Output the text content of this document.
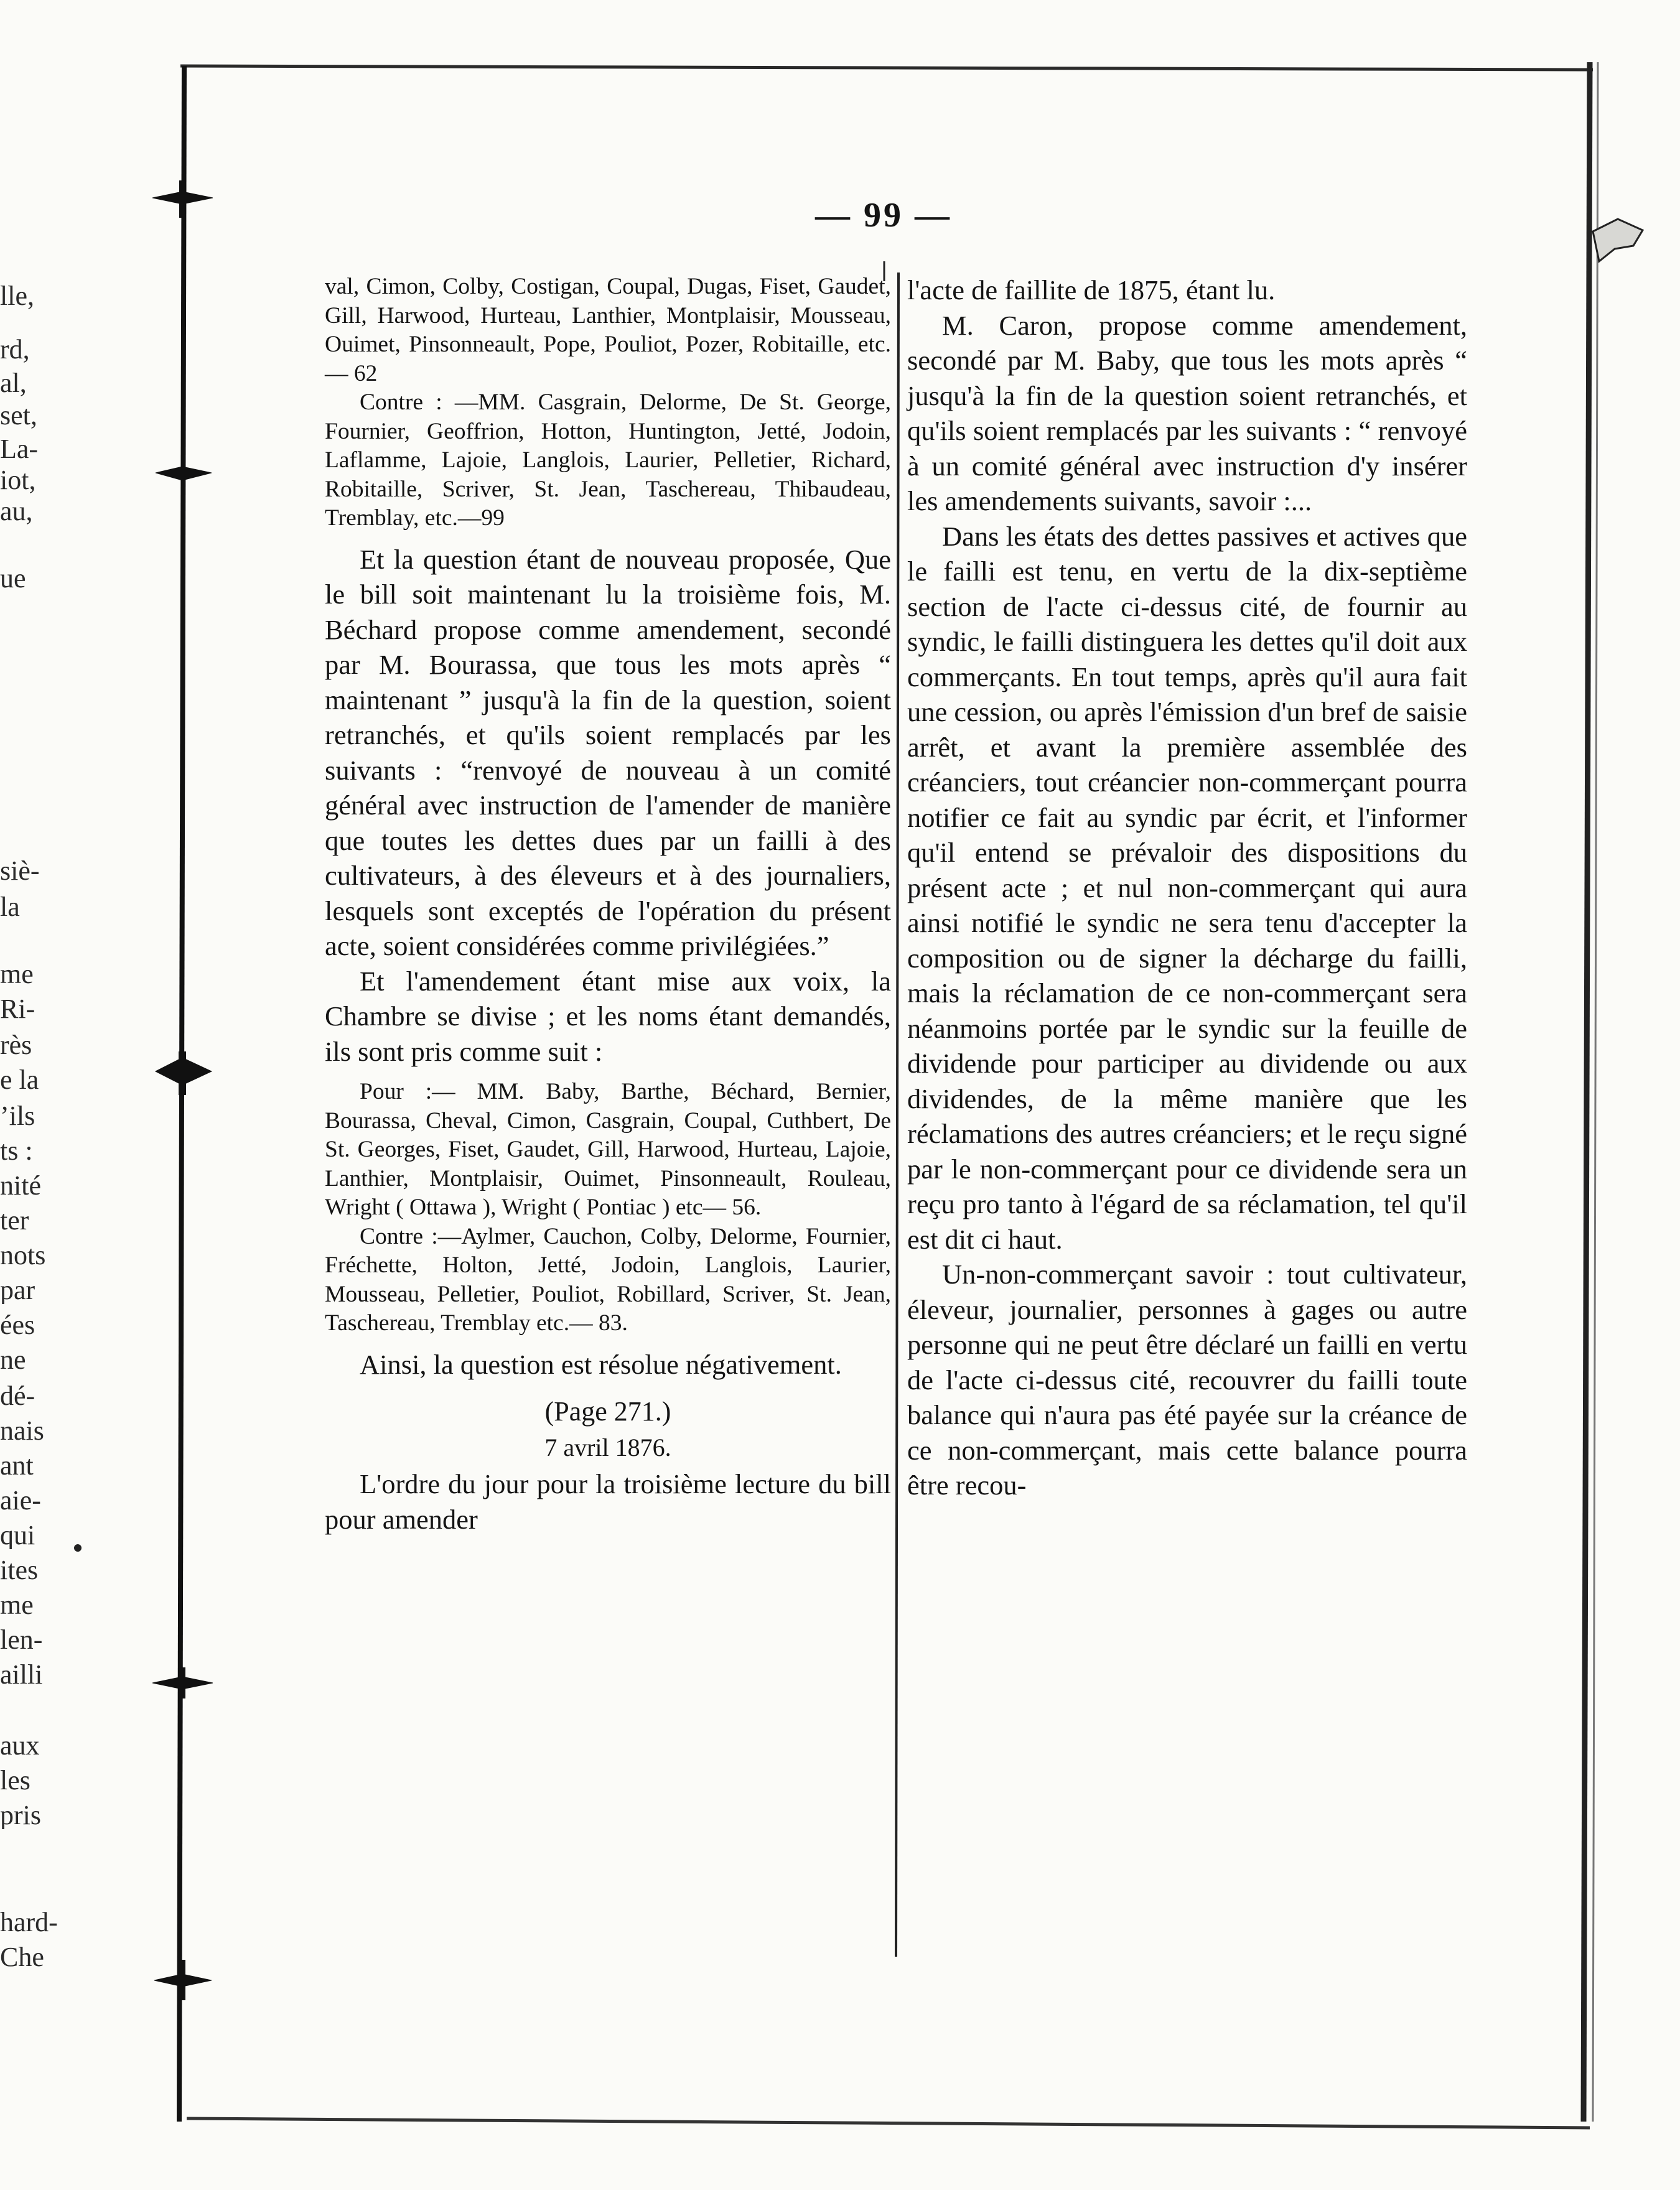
lle,
rd,
al,
set,
La-
iot,
au,
ue
siè-
la
me
Ri-
rès
e la
’ils
ts :
nité
ter
nots
par
ées
ne
dé-
nais
ant
aie-
qui
ites
me
len-
ailli
aux
les
pris
hard-
Che
— 99 —

val, Cimon, Colby, Costigan, Coupal, Dugas, Fiset, Gaudet, Gill, Harwood, Hurteau, Lanthier, Montplaisir, Mousseau, Ouimet, Pinsonneault, Pope, Pouliot, Pozer, Robitaille, etc. — 62

Contre : —MM. Casgrain, Delorme, De St. George, Fournier, Geoffrion, Hotton, Huntington, Jetté, Jodoin, Laflamme, Lajoie, Langlois, Laurier, Pelletier, Richard, Robitaille, Scriver, St. Jean, Taschereau, Thibaudeau, Tremblay, etc.—99

Et la question étant de nouveau proposée, Que le bill soit maintenant lu la troisième fois, M. Béchard propose comme amendement, secondé par M. Bourassa, que tous les mots après “ maintenant ” jusqu'à la fin de la question, soient retranchés, et qu'ils soient remplacés par les suivants : “renvoyé de nouveau à un comité général avec instruction de l'amender de manière que toutes les dettes dues par un failli à des cultivateurs, à des éleveurs et à des journaliers, lesquels sont exceptés de l'opération du présent acte, soient considérées comme privilégiées.”

Et l'amendement étant mise aux voix, la Chambre se divise ; et les noms étant demandés, ils sont pris comme suit :

Pour :— MM. Baby, Barthe, Béchard, Bernier, Bourassa, Cheval, Cimon, Casgrain, Coupal, Cuthbert, De St. Georges, Fiset, Gaudet, Gill, Harwood, Hurteau, Lajoie, Lanthier, Montplaisir, Ouimet, Pinsonneault, Rouleau, Wright ( Ottawa ), Wright ( Pontiac ) etc— 56.

Contre :—Aylmer, Cauchon, Colby, Delorme, Fournier, Fréchette, Holton, Jetté, Jodoin, Langlois, Laurier, Mousseau, Pelletier, Pouliot, Robillard, Scriver, St. Jean, Taschereau, Tremblay etc.— 83.

Ainsi, la question est résolue négativement.

(Page 271.)

7 avril 1876.

L'ordre du jour pour la troisième lecture du bill pour amender

l'acte de faillite de 1875, étant lu.

M. Caron, propose comme amendement, secondé par M. Baby, que tous les mots après “ jusqu'à la fin de la question soient retranchés, et qu'ils soient remplacés par les suivants : “ renvoyé à un comité général avec instruction d'y insérer les amendements suivants, savoir :...

Dans les états des dettes passives et actives que le failli est tenu, en vertu de la dix-septième section de l'acte ci-dessus cité, de fournir au syndic, le failli distinguera les dettes qu'il doit aux commerçants. En tout temps, après qu'il aura fait une cession, ou après l'émission d'un bref de saisie arrêt, et avant la première assemblée des créanciers, tout créancier non-commerçant pourra notifier ce fait au syndic par écrit, et l'informer qu'il entend se prévaloir des dispositions du présent acte ; et nul non-commerçant qui aura ainsi notifié le syndic ne sera tenu d'accepter la composition ou de signer la décharge du failli, mais la réclamation de ce non-commerçant sera néanmoins portée par le syndic sur la feuille de dividende pour participer au dividende ou aux dividendes, de la même manière que les réclamations des autres créanciers; et le reçu signé par le non-commerçant pour ce dividende sera un reçu pro tanto à l'égard de sa réclamation, tel qu'il est dit ci haut.

Un-non-commerçant savoir : tout cultivateur, éleveur, journalier, personnes à gages ou autre personne qui ne peut être déclaré un failli en vertu de l'acte ci-dessus cité, recouvrer du failli toute balance qui n'aura pas été payée sur la créance de ce non-commerçant, mais cette balance pourra être recou-
